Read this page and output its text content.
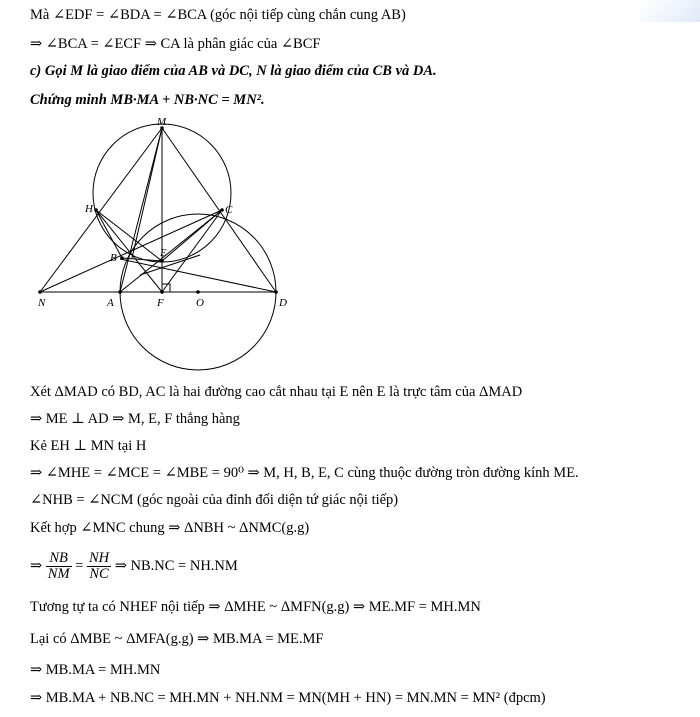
Mà ∠EDF = ∠BDA = ∠BCA (góc nội tiếp cùng chắn cung AB)
⇒ ∠BCA = ∠ECF ⇒ CA là phân giác của ∠BCF
c) Gọi M là giao điểm của AB và DC, N là giao điểm của CB và DA.
Chứng minh MB·MA + NB·NC = MN².
M
H	C
B	E
N	A	F	O	D
Xét ΔMAD có BD, AC là hai đường cao cắt nhau tại E nên E là trực tâm của ΔMAD
⇒ ME ⊥ AD ⇒ M, E, F thẳng hàng
Kẻ EH ⊥ MN tại H
⇒ ∠MHE = ∠MCE = ∠MBE = 90⁰ ⇒ M, H, B, E, C cùng thuộc đường tròn đường kính ME.
∠NHB = ∠NCM (góc ngoài của đỉnh đối diện tứ giác nội tiếp)
Kết hợp ∠MNC chung ⇒ ΔNBH ~ ΔNMC(g.g)
⇒ $\frac{NB}{NM} = \frac{NH}{NC}$ ⇒ NB.NC = NH.NM
Tương tự ta có NHEF nội tiếp ⇒ ΔMHE ~ ΔMFN(g.g) ⇒ ME.MF = MH.MN
Lại có ΔMBE ~ ΔMFA(g.g) ⇒ MB.MA = ME.MF
⇒ MB.MA = MH.MN
⇒ MB.MA + NB.NC = MH.MN + NH.NM = MN(MH + HN) = MN.MN = MN² (đpcm)
